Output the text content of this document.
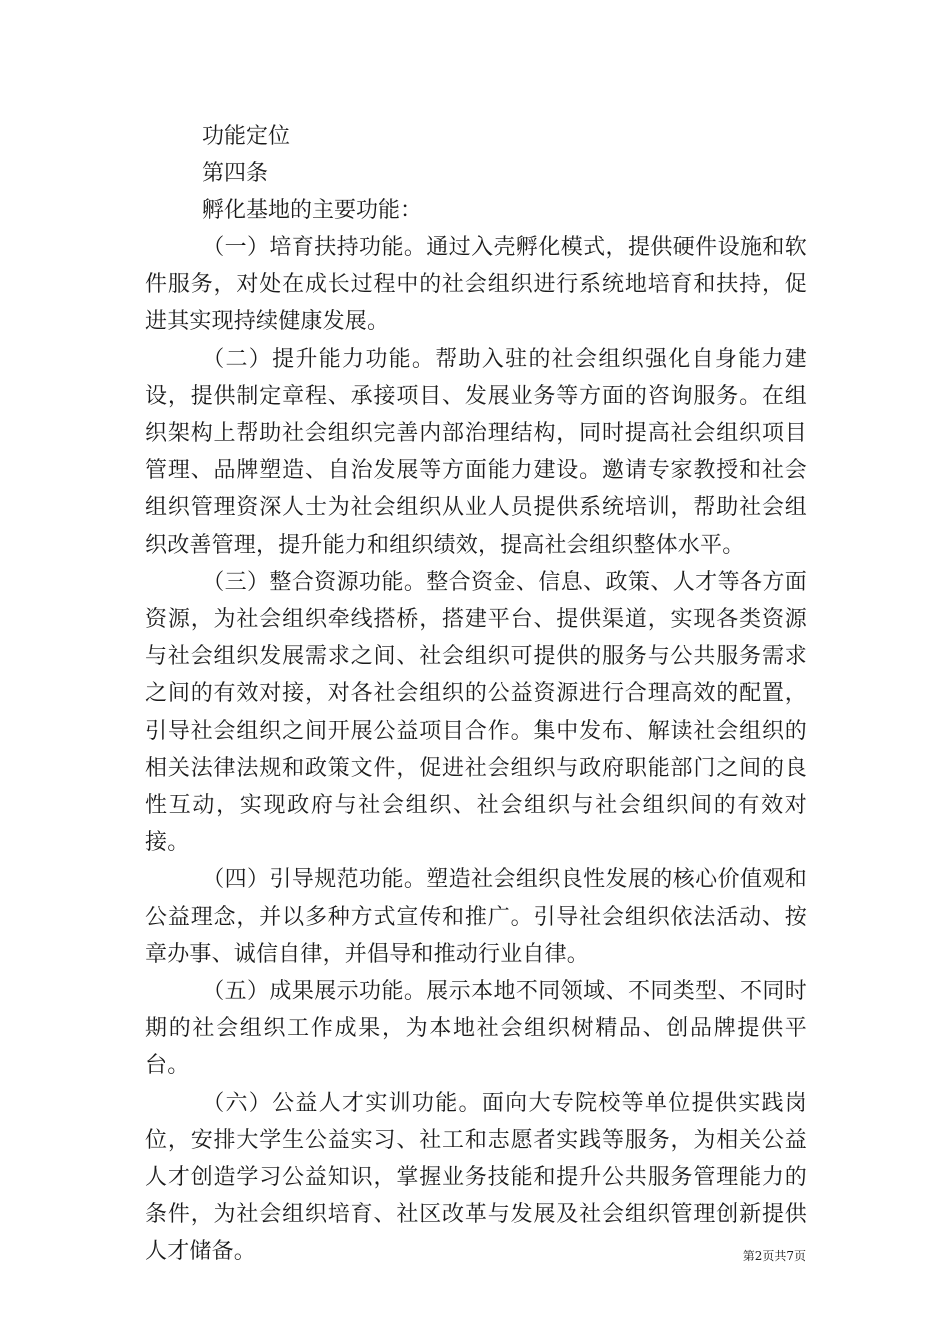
功能定位

第四条

孵化基地的主要功能：

（一）培育扶持功能。通过入壳孵化模式，提供硬件设施和软件服务，对处在成长过程中的社会组织进行系统地培育和扶持，促进其实现持续健康发展。

（二）提升能力功能。帮助入驻的社会组织强化自身能力建设，提供制定章程、承接项目、发展业务等方面的咨询服务。在组织架构上帮助社会组织完善内部治理结构，同时提高社会组织项目管理、品牌塑造、自治发展等方面能力建设。邀请专家教授和社会组织管理资深人士为社会组织从业人员提供系统培训，帮助社会组织改善管理，提升能力和组织绩效，提高社会组织整体水平。

（三）整合资源功能。整合资金、信息、政策、人才等各方面资源，为社会组织牵线搭桥，搭建平台、提供渠道，实现各类资源与社会组织发展需求之间、社会组织可提供的服务与公共服务需求之间的有效对接，对各社会组织的公益资源进行合理高效的配置，引导社会组织之间开展公益项目合作。集中发布、解读社会组织的相关法律法规和政策文件，促进社会组织与政府职能部门之间的良性互动，实现政府与社会组织、社会组织与社会组织间的有效对接。

（四）引导规范功能。塑造社会组织良性发展的核心价值观和公益理念，并以多种方式宣传和推广。引导社会组织依法活动、按章办事、诚信自律，并倡导和推动行业自律。

（五）成果展示功能。展示本地不同领域、不同类型、不同时期的社会组织工作成果，为本地社会组织树精品、创品牌提供平台。

（六）公益人才实训功能。面向大专院校等单位提供实践岗位，安排大学生公益实习、社工和志愿者实践等服务，为相关公益人才创造学习公益知识，掌握业务技能和提升公共服务管理能力的条件，为社会组织培育、社区改革与发展及社会组织管理创新提供人才储备。	第2页共7页
